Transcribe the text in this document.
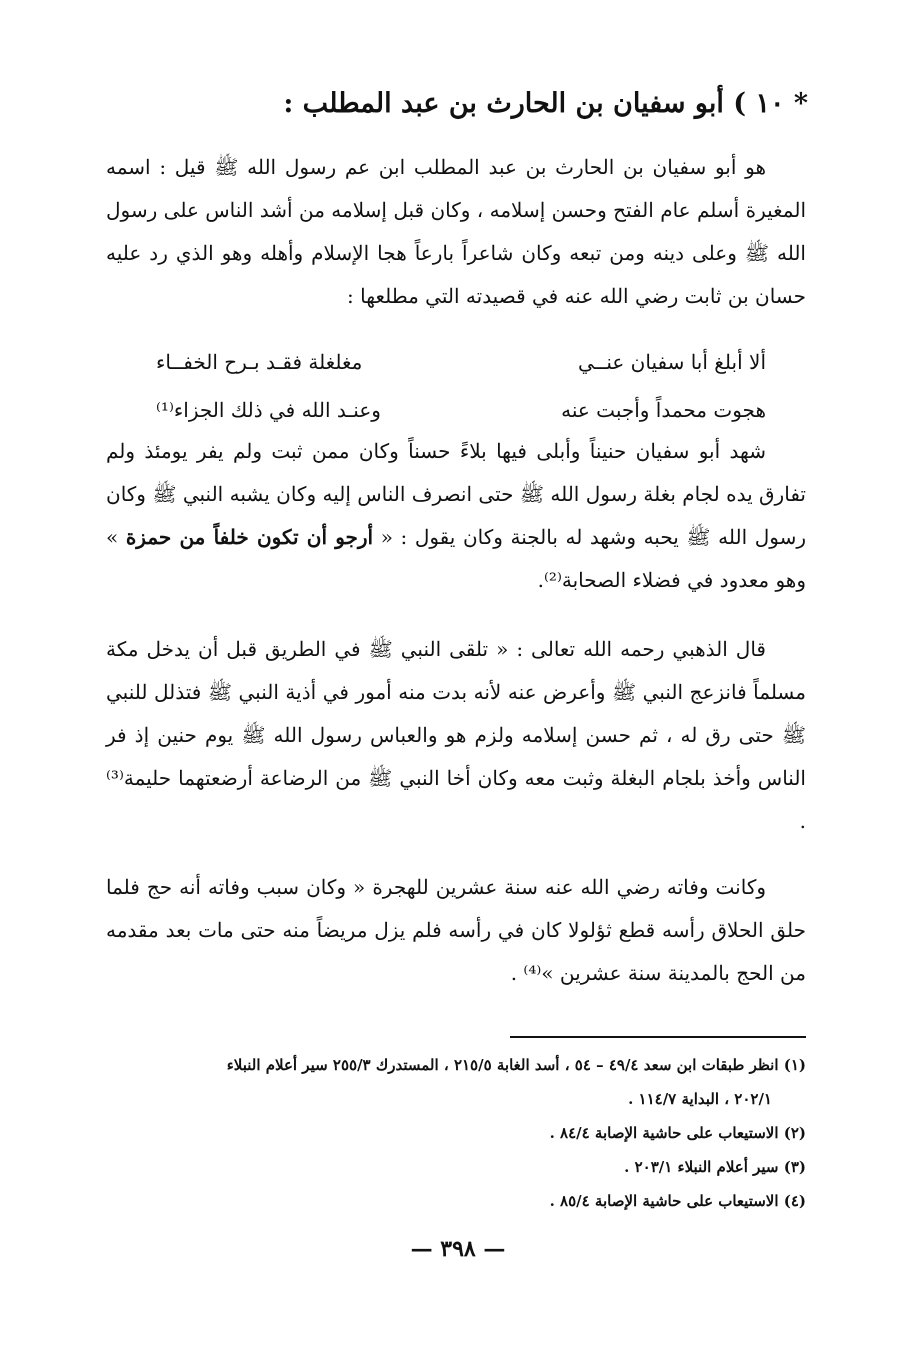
* ١٠ ) أبو سفيان بن الحارث بن عبد المطلب :

هو أبو سفيان بن الحارث بن عبد المطلب ابن عم رسول الله ﷺ قيل : اسمه المغيرة أسلم عام الفتح وحسن إسلامه ، وكان قبل إسلامه من أشد الناس على رسول الله ﷺ وعلى دينه ومن تبعه وكان شاعراً بارعاً هجا الإسلام وأهله وهو الذي رد عليه حسان بن ثابت رضي الله عنه في قصيدته التي مطلعها :

ألا أبلغ أبا سفيان عنــي
مغلغلة فقـد بـرح الخفــاء
هجوت محمداً وأجبت عنه
وعنـد الله في ذلك الجزاء⁽¹⁾

شهد أبو سفيان حنيناً وأبلى فيها بلاءً حسناً وكان ممن ثبت ولم يفر يومئذ ولم تفارق يده لجام بغلة رسول الله ﷺ حتى انصرف الناس إليه وكان يشبه النبي ﷺ وكان رسول الله ﷺ يحبه وشهد له بالجنة وكان يقول : « أرجو أن تكون خلفاً من حمزة » وهو معدود في فضلاء الصحابة⁽²⁾.

قال الذهبي رحمه الله تعالى : « تلقى النبي ﷺ في الطريق قبل أن يدخل مكة مسلماً فانزعج النبي ﷺ وأعرض عنه لأنه بدت منه أمور في أذية النبي ﷺ فتذلل للنبي ﷺ حتى رق له ، ثم حسن إسلامه ولزم هو والعباس رسول الله ﷺ يوم حنين إذ فر الناس وأخذ بلجام البغلة وثبت معه وكان أخا النبي ﷺ من الرضاعة أرضعتهما حليمة⁽³⁾ .

وكانت وفاته رضي الله عنه سنة عشرين للهجرة « وكان سبب وفاته أنه حج فلما حلق الحلاق رأسه قطع ثؤلولا كان في رأسه فلم يزل مريضاً منه حتى مات بعد مقدمه من الحج بالمدينة سنة عشرين »⁽⁴⁾ .

(١) انظر طبقات ابن سعد ٤٩/٤ – ٥٤ ، أسد الغابة ٢١٥/٥ ، المستدرك ٢٥٥/٣ سير أعلام النبلاء

٢٠٢/١ ، البداية ١١٤/٧ .

(٢) الاستيعاب على حاشية الإصابة ٨٤/٤ .

(٣) سير أعلام النبلاء ٢٠٣/١ .

(٤) الاستيعاب على حاشية الإصابة ٨٥/٤ .

— ٣٩٨ —
